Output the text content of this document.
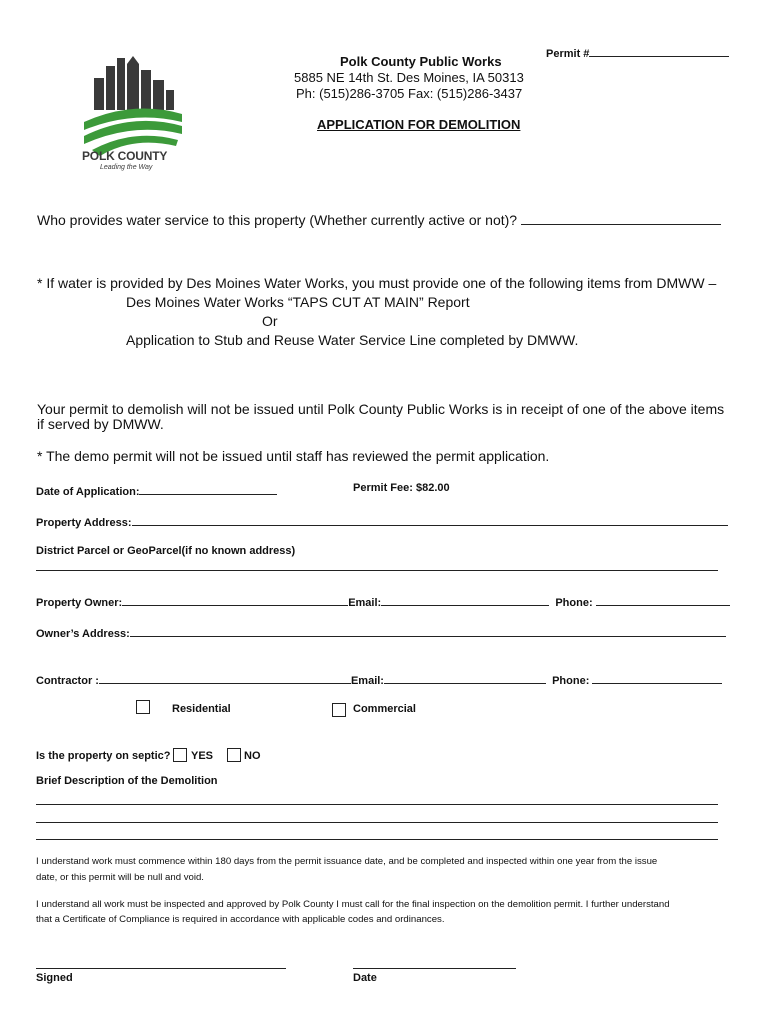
Permit #
POLK COUNTY
Leading the Way
Polk County Public Works
5885 NE 14th St. Des Moines, IA 50313
Ph: (515)286-3705 Fax: (515)286-3437
APPLICATION FOR DEMOLITION
Who provides water service to this property (Whether currently active or not)?
* If water is provided by Des Moines Water Works, you must provide one of the following items from DMWW –
Des Moines Water Works “TAPS CUT AT MAIN” Report
Or
Application to Stub and Reuse Water Service Line completed by DMWW.
Your permit to demolish will not be issued until Polk County Public Works is in receipt of one of the above items
if served by DMWW.
* The demo permit will not be issued until staff has reviewed the permit application.
Date of Application:	Permit Fee: $82.00
Property Address:
District Parcel or GeoParcel(if no known address)
Property Owner:	Email:	Phone:
Owner’s Address:
Contractor :	Email:	Phone:
Residential	Commercial
Is the property on septic? YES	NO
Brief Description of the Demolition
I understand work must commence within 180 days from the permit issuance date, and be completed and inspected within one year from the issue
date, or this permit will be null and void.
I understand all work must be inspected and approved by Polk County I must call for the final inspection on the demolition permit. I further understand
that a Certificate of Compliance is required in accordance with applicable codes and ordinances.
Signed	Date
